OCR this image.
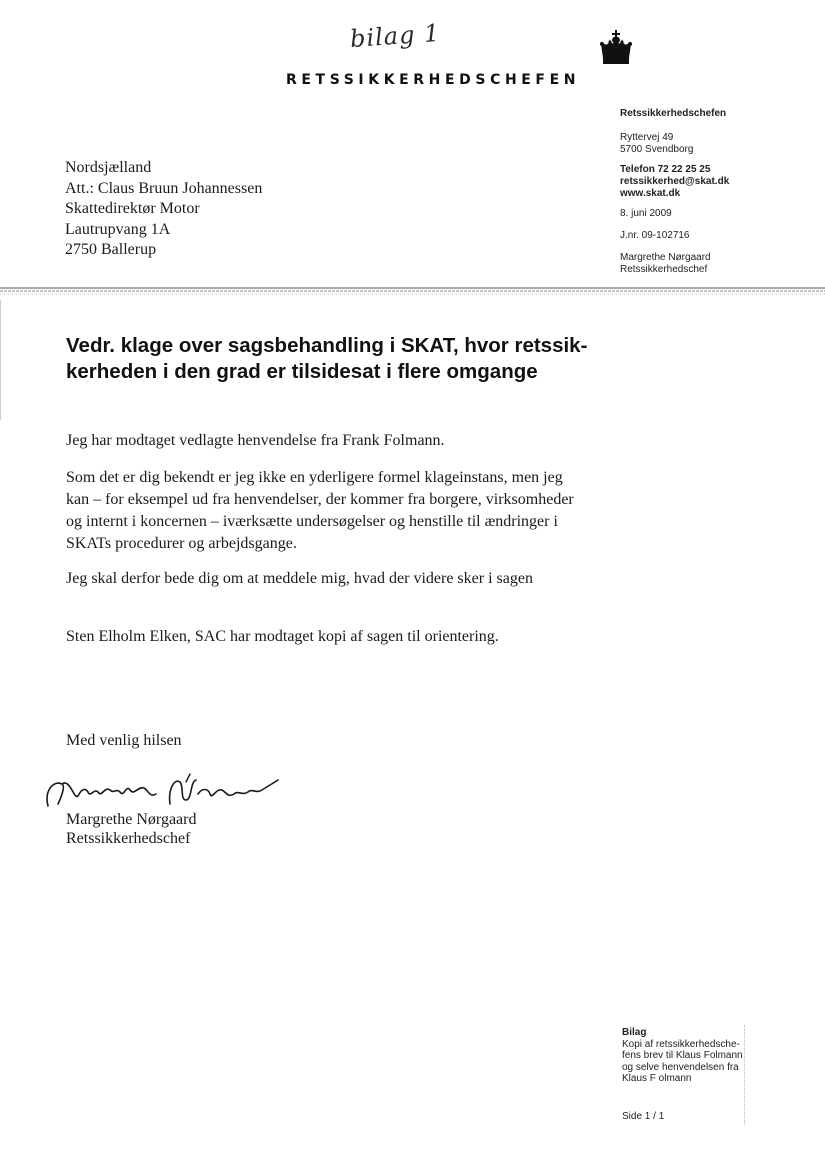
bilag 1
RETSSIKKERHEDSCHEFEN
Retssikkerhedschefen
Ryttervej 49
5700 Svendborg
Telefon 72 22 25 25
retssikkerhed@skat.dk
www.skat.dk
8. juni 2009
J.nr. 09-102716
Margrethe Nørgaard
Retssikkerhedschef
Nordsjælland
Att.: Claus Bruun Johannessen
Skattedirektør Motor
Lautrupvang 1A
2750 Ballerup
Vedr. klage over sagsbehandling i SKAT, hvor retssik-kerheden i den grad er tilsidesat i flere omgange

Jeg har modtaget vedlagte henvendelse fra Frank Folmann.

Som det er dig bekendt er jeg ikke en yderligere formel klageinstans, men jeg kan – for eksempel ud fra henvendelser, der kommer fra borgere, virksomheder og internt i koncernen – iværksætte undersøgelser og henstille til ændringer i SKATs procedurer og arbejdsgange.

Jeg skal derfor bede dig om at meddele mig, hvad der videre sker i sagen

Sten Elholm Elken, SAC har modtaget kopi af sagen til orientering.

Med venlig hilsen
Margrethe Nørgaard
Retssikkerhedschef
Bilag
Kopi af retssikkerhedsche-
fens brev til Klaus Folmann
og selve henvendelsen fra
Klaus F olmann
Side 1 / 1
